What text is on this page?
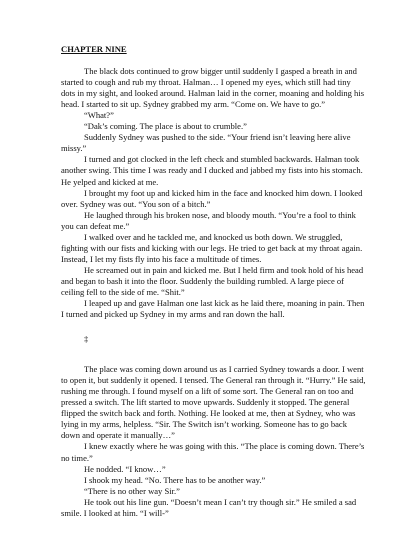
CHAPTER NINE

The black dots continued to grow bigger until suddenly I gasped a breath in and started to cough and rub my throat. Halman… I opened my eyes, which still had tiny dots in my sight, and looked around. Halman laid in the corner, moaning and holding his head. I started to sit up. Sydney grabbed my arm. “Come on. We have to go.”

“What?”

“Dak’s coming. The place is about to crumble.”

Suddenly Sydney was pushed to the side. “Your friend isn’t leaving here alive missy.”

I turned and got clocked in the left check and stumbled backwards. Halman took another swing. This time I was ready and I ducked and jabbed my fists into his stomach. He yelped and kicked at me.

I brought my foot up and kicked him in the face and knocked him down. I looked over. Sydney was out. “You son of a bitch.”

He laughed through his broken nose, and bloody mouth. “You’re a fool to think you can defeat me.”

I walked over and he tackled me, and knocked us both down. We struggled, fighting with our fists and kicking with our legs. He tried to get back at my throat again. Instead, I let my fists fly into his face a multitude of times.

He screamed out in pain and kicked me. But I held firm and took hold of his head and began to bash it into the floor. Suddenly the building rumbled. A large piece of ceiling fell to the side of me. “Shit.”

I leaped up and gave Halman one last kick as he laid there, moaning in pain. Then I turned and picked up Sydney in my arms and ran down the hall.

‡

The place was coming down around us as I carried Sydney towards a door. I went to open it, but suddenly it opened. I tensed. The General ran through it. “Hurry.” He said, rushing me through. I found myself on a lift of some sort. The General ran on too and pressed a switch. The lift started to move upwards. Suddenly it stopped. The general flipped the switch back and forth. Nothing. He looked at me, then at Sydney, who was lying in my arms, helpless. “Sir. The Switch isn’t working. Someone has to go back down and operate it manually…”

I knew exactly where he was going with this. “The place is coming down. There’s no time.”

He nodded. “I know…”

I shook my head. “No. There has to be another way.”

“There is no other way Sir.”

He took out his line gun. “Doesn’t mean I can’t try though sir.” He smiled a sad smile. I looked at him. “I will-”
